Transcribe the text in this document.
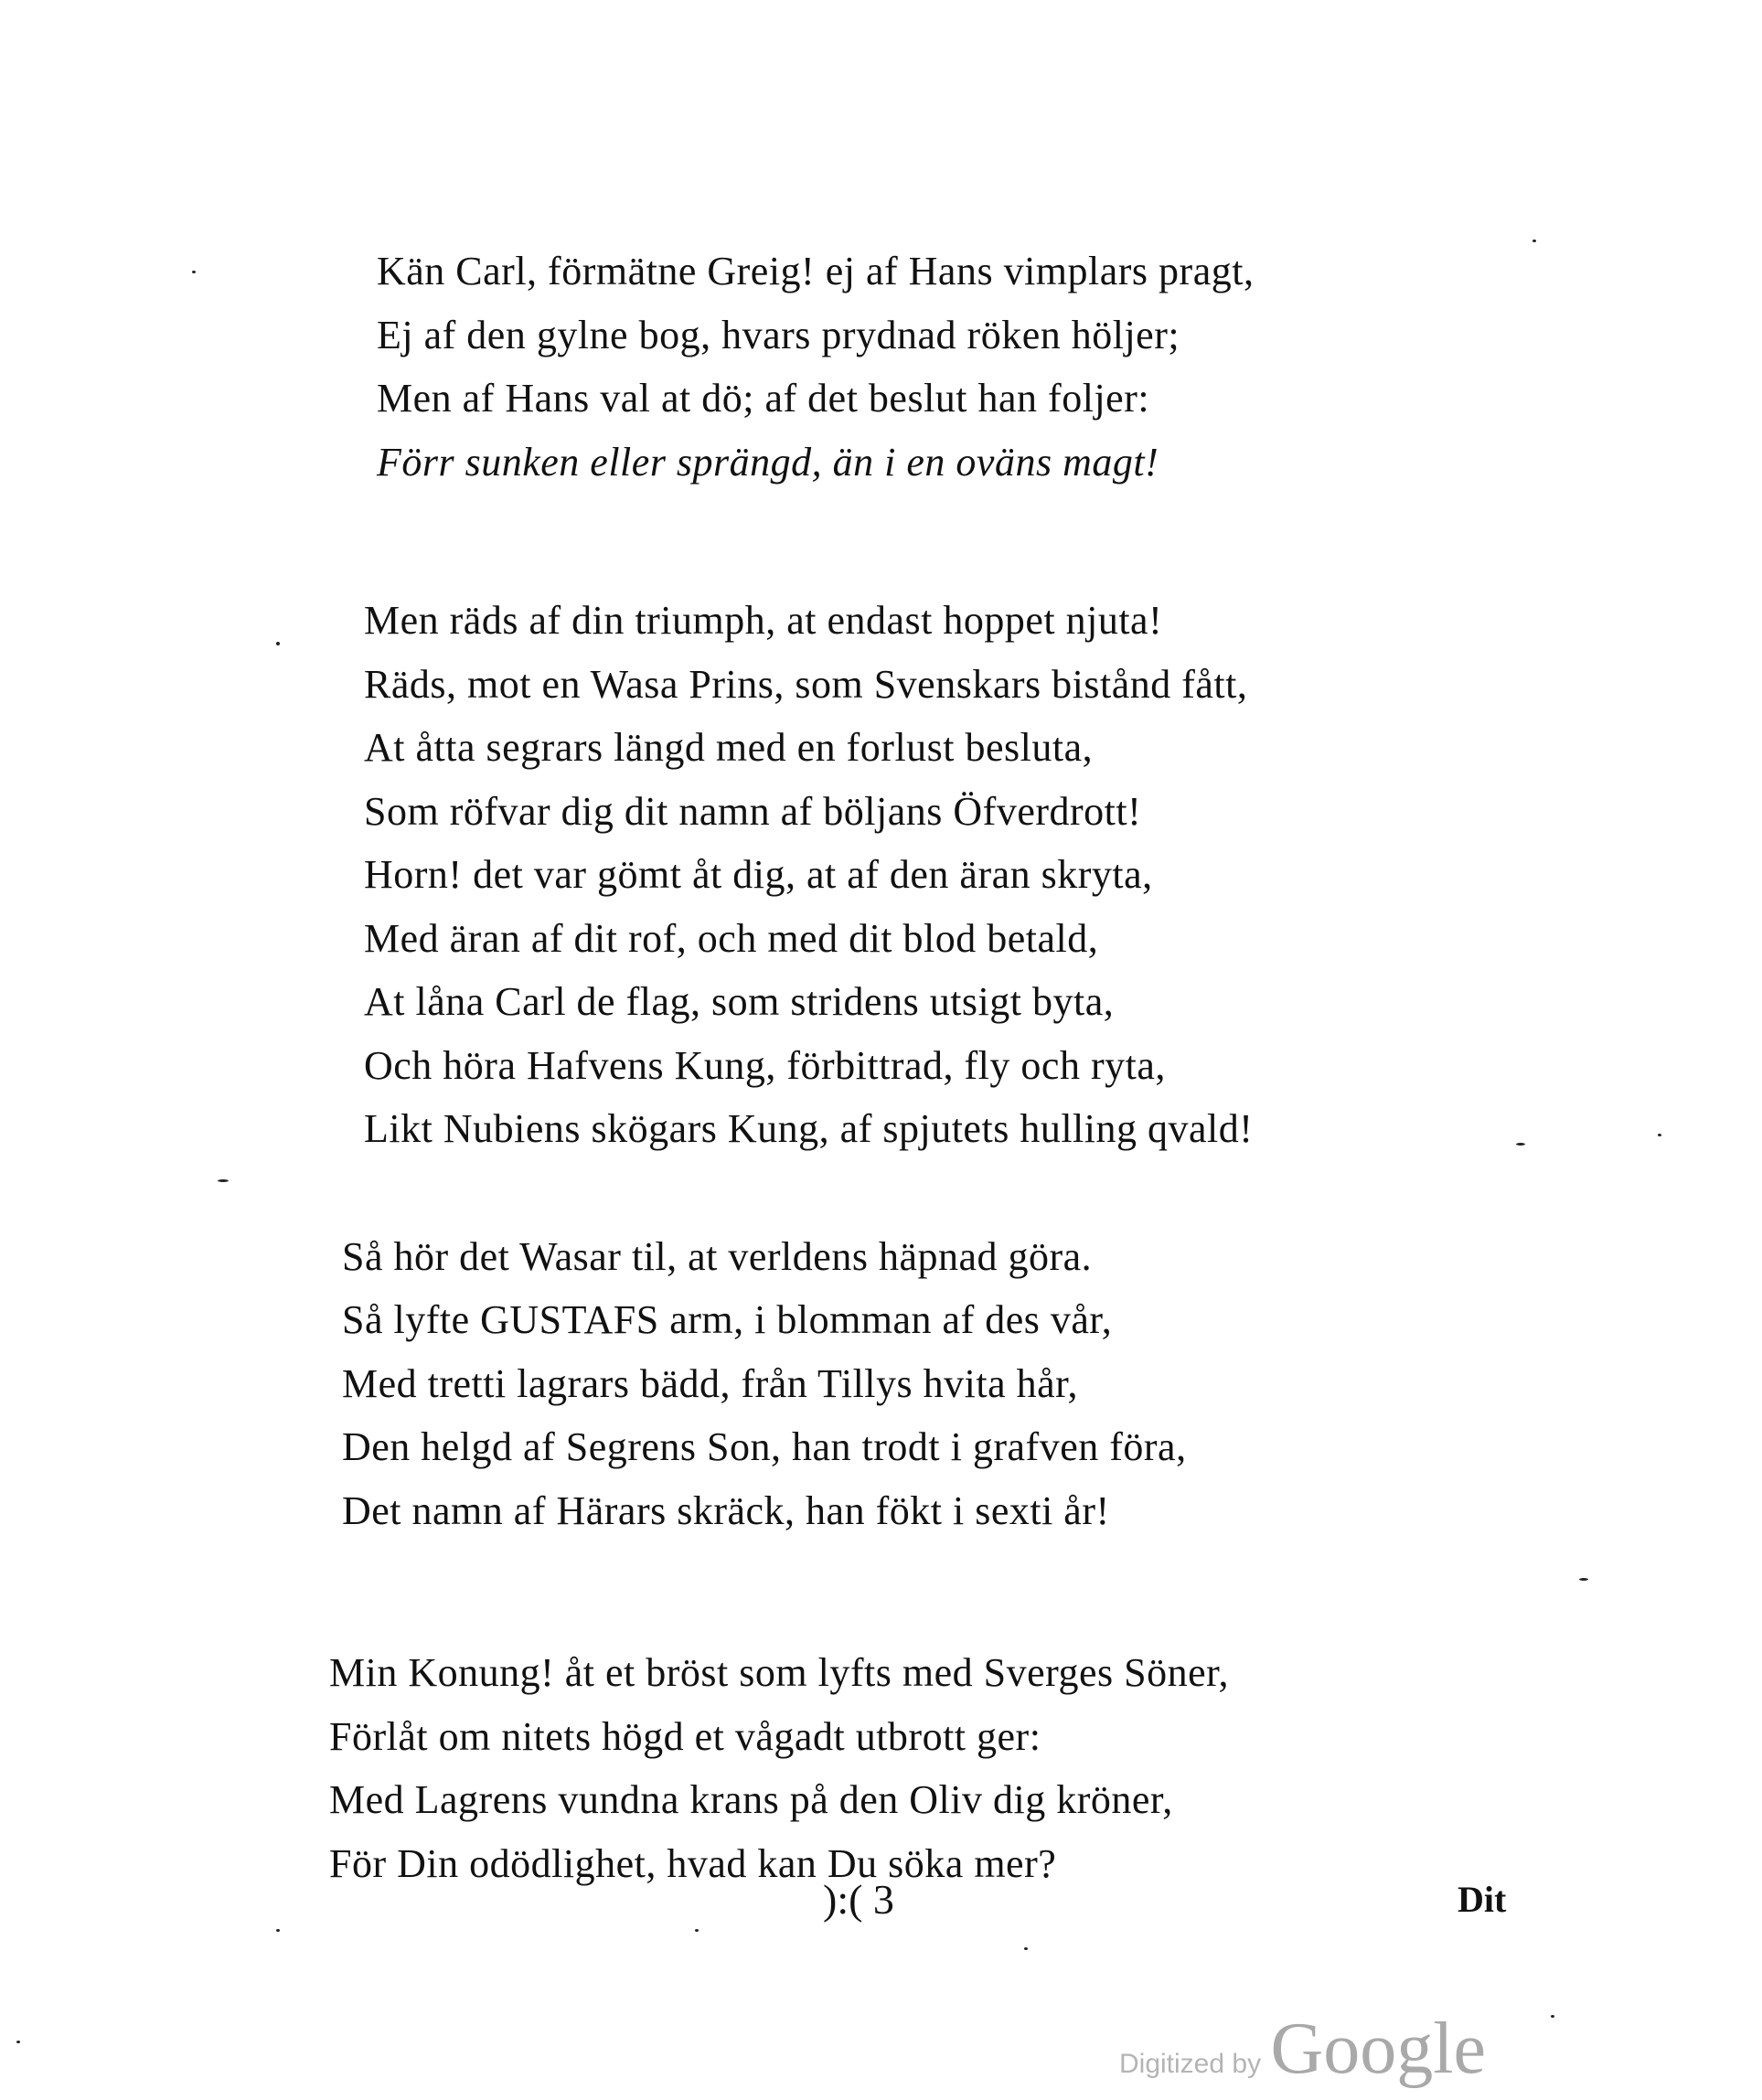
Kän Carl, förmätne Greig! ej af Hans vimplars pragt,
Ej af den gylne bog, hvars prydnad röken höljer;
Men af Hans val at dö; af det beslut han foljer:
Förr sunken eller sprängd, än i en oväns magt!
Men räds af din triumph, at endast hoppet njuta!
Räds, mot en Wasa Prins, som Svenskars bistånd fått,
At åtta segrars längd med en forlust besluta,
Som röfvar dig dit namn af böljans Öfverdrott!
Horn! det var gömt åt dig, at af den äran skryta,
Med äran af dit rof, och med dit blod betald,
At låna Carl de flag, som stridens utsigt byta,
Och höra Hafvens Kung, förbittrad, fly och ryta,
Likt Nubiens skögars Kung, af spjutets hulling qvald!
Så hör det Wasar til, at verldens häpnad göra.
Så lyfte GUSTAFS arm, i blomman af des vår,
Med tretti lagrars bädd, från Tillys hvita hår,
Den helgd af Segrens Son, han trodt i grafven föra,
Det namn af Härars skräck, han fökt i sexti år!
Min Konung! åt et bröst som lyfts med Sverges Söner,
Förlåt om nitets högd et vågadt utbrott ger:
Med Lagrens vundna krans på den Oliv dig kröner,
För Din odödlighet, hvad kan Du söka mer?
):( 3	Dit
Digitized by Google
